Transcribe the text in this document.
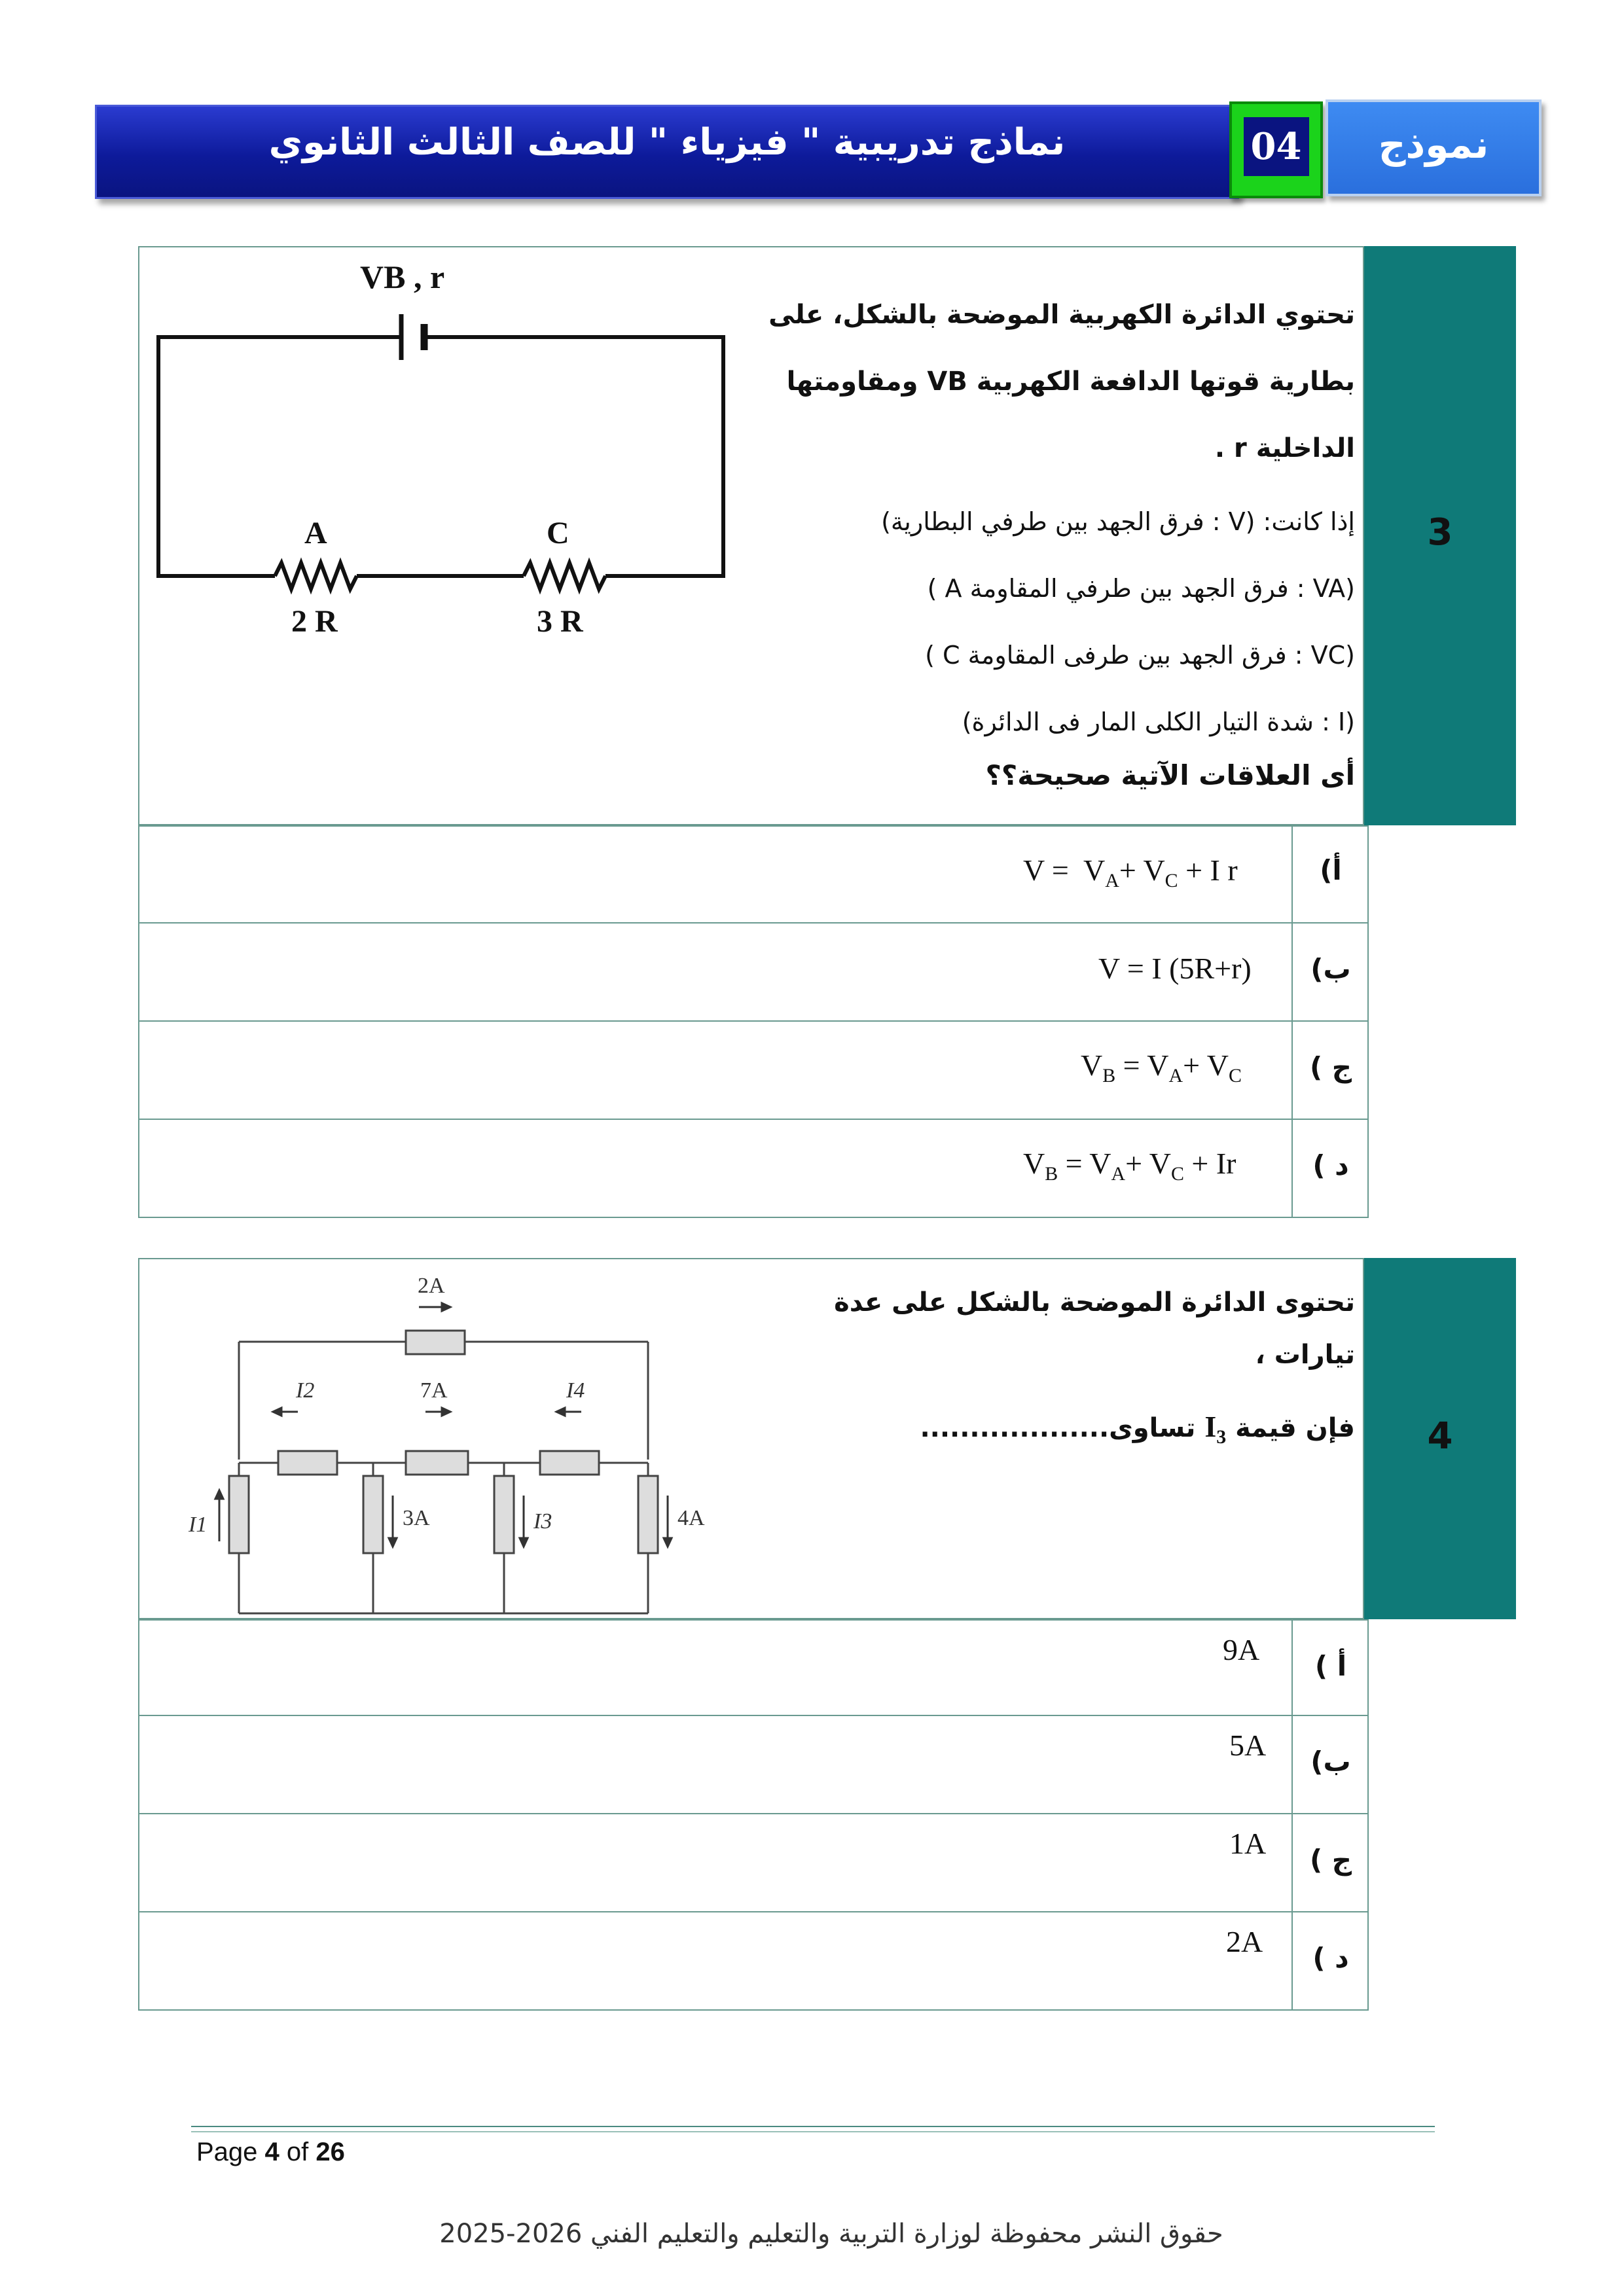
نماذج تدريبية " فيزياء " للصف الثالث الثانوي	04	نموذج
3
VB , r
A
2 R
C
3 R
تحتوي الدائرة الكهربية الموضحة بالشكل، على
بطارية قوتها الدافعة الكهربية VB ومقاومتها
الداخلية r .
إذا كانت: (V : فرق الجهد بين طرفي البطارية)
(VA : فرق الجهد بين طرفي المقاومة A )
(VC : فرق الجهد بين طرفى المقاومة C )
(I : شدة التيار الكلى المار فى الدائرة)
أى العلاقات الآتية صحيحة؟؟
أ)
$V = V_A+ V_C + I$ r
ب)
V = I (5R+r)
ج )
$V_B = V_A+ V_C$
د )
$V_B = V_A+ V_C + Ir$
4
2A
I2	7A	I4
I1	3A	I3	4A
تحتوى الدائرة الموضحة بالشكل على عدة تيارات ،
فإن قيمة $I_3$ تساوى...................
أ )
9A
ب)
5A
ج )
1A
د )
2A
Page 4 of 26
حقوق النشر محفوظة لوزارة التربية والتعليم والتعليم الفني 2026-2025
